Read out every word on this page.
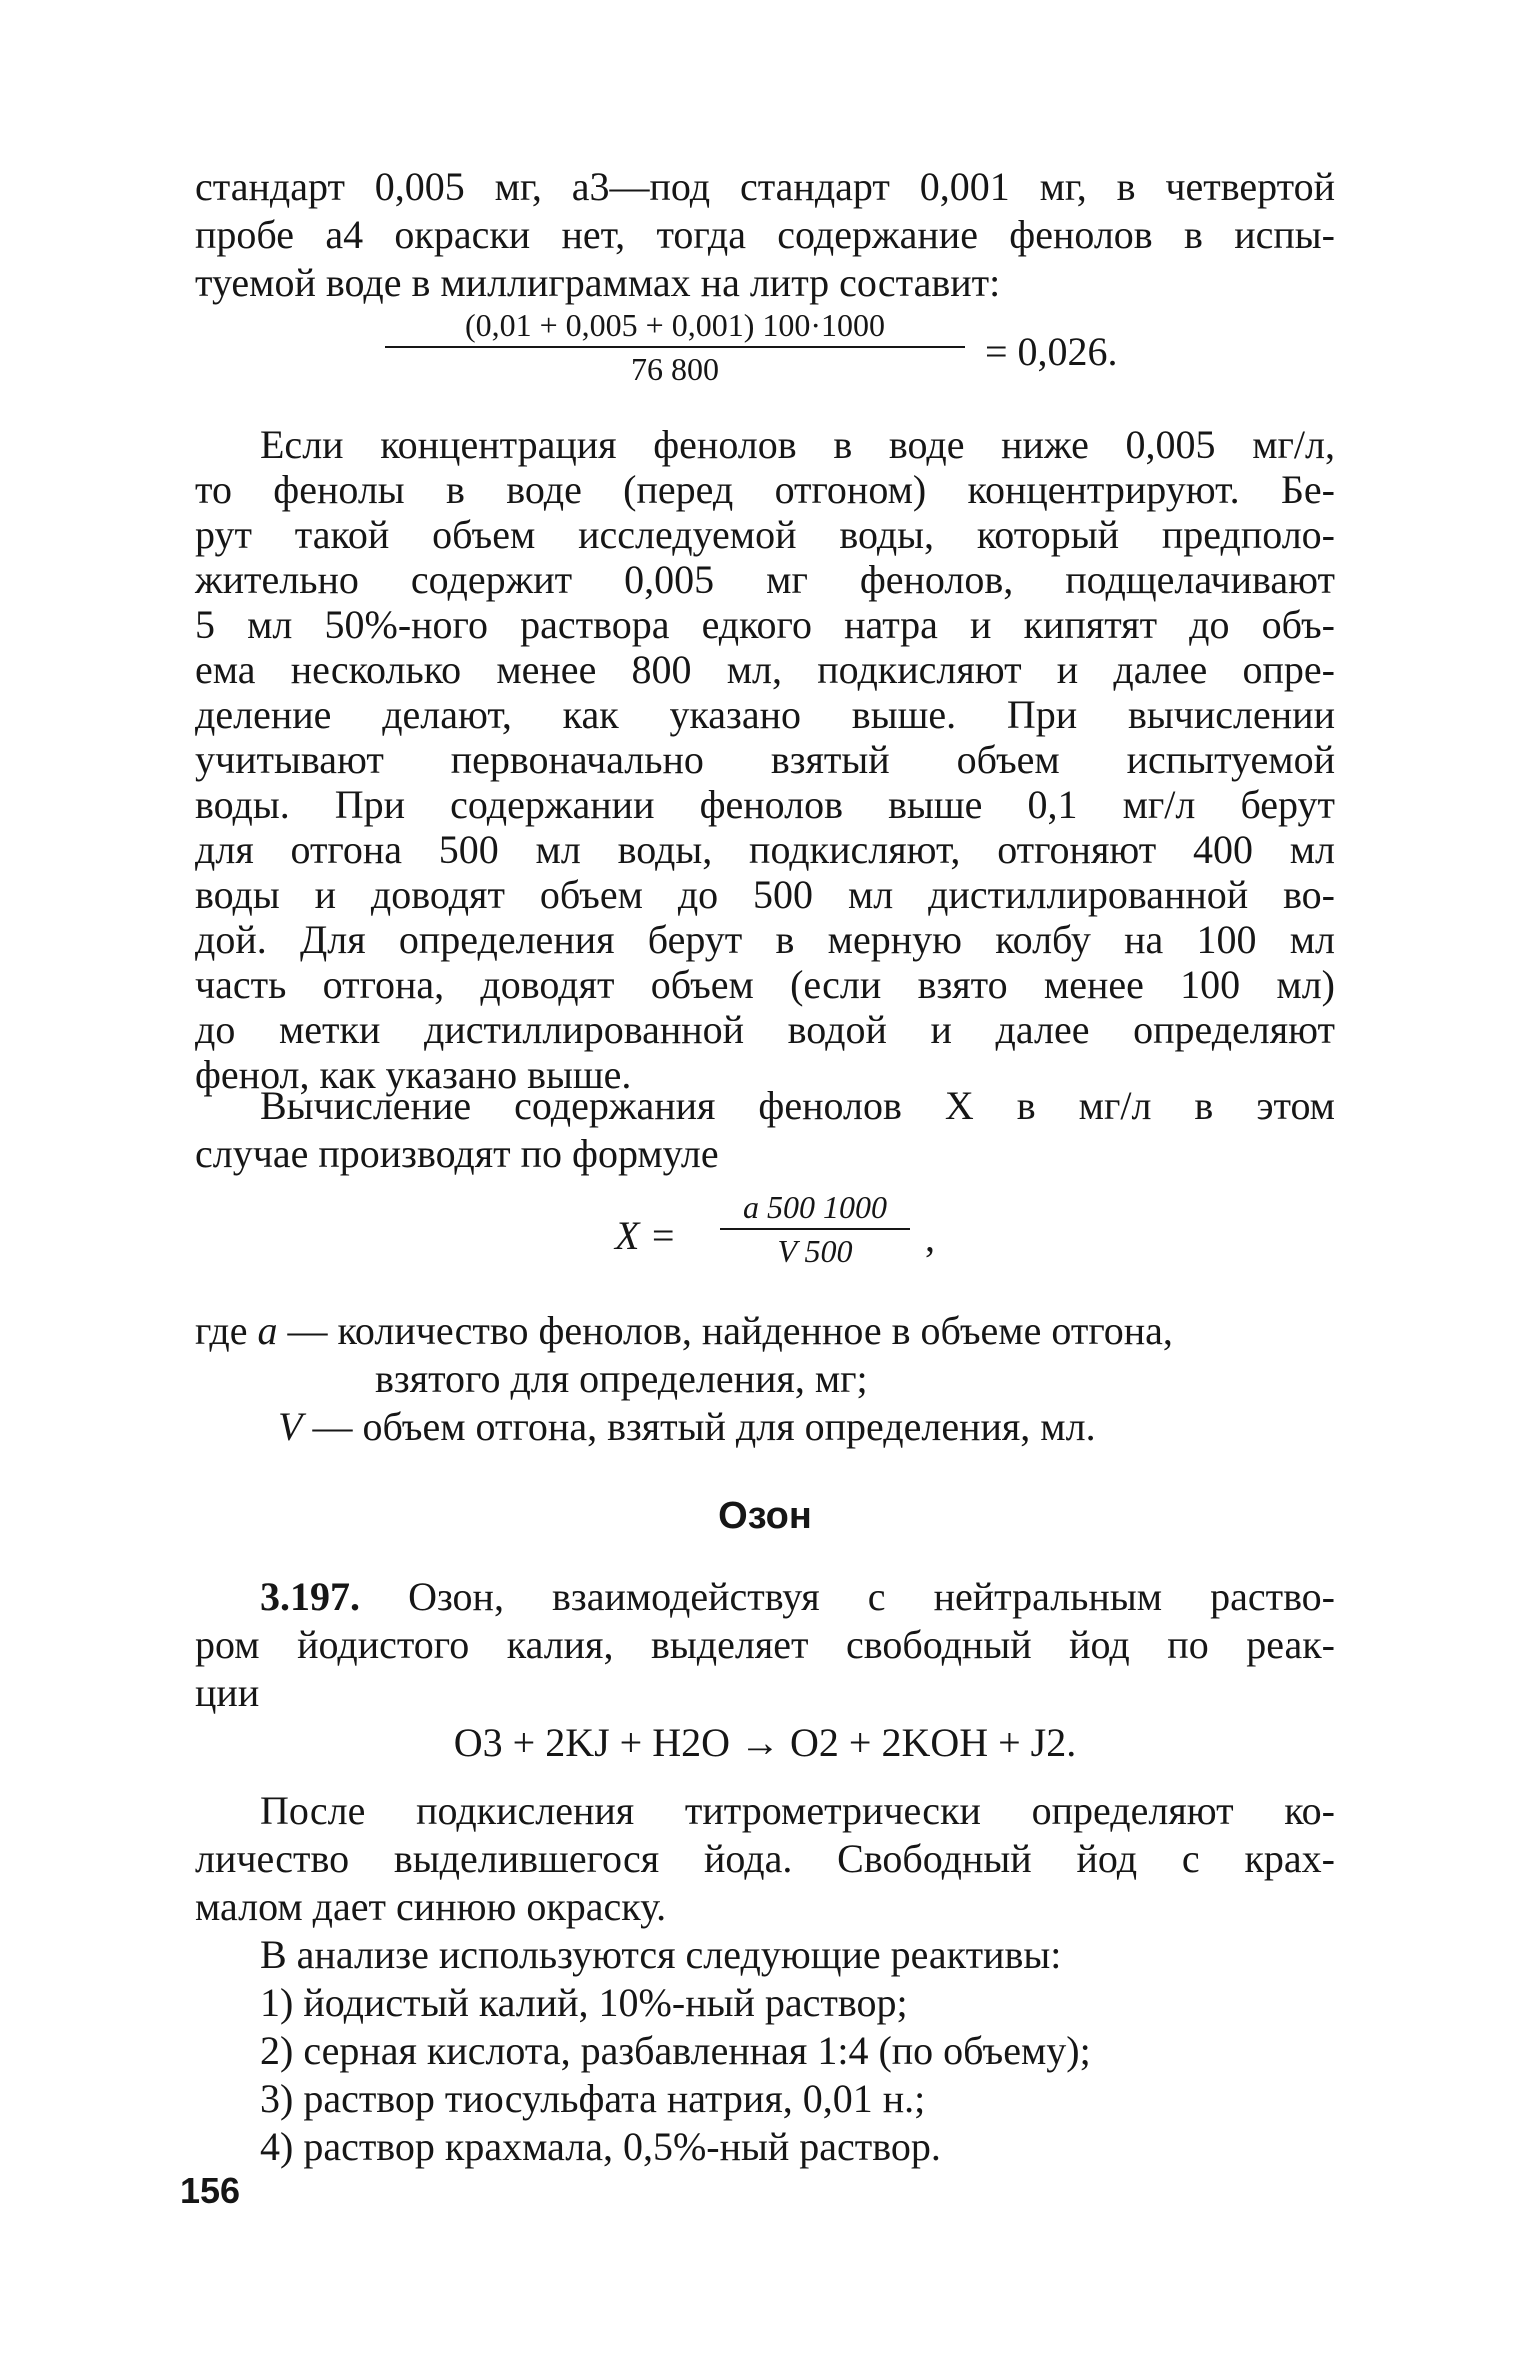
стандарт 0,005 мг, a3—под стандарт 0,001 мг, в четвертой
пробе a4 окраски нет, тогда содержание фенолов в испы-
туемой воде в миллиграммах на литр составит:
(0,01 + 0,005 + 0,001) 100·1000
76 800	= 0,026.
Если концентрация фенолов в воде ниже 0,005 мг/л,
то фенолы в воде (перед отгоном) концентрируют. Бе-
рут такой объем исследуемой воды, который предполо-
жительно содержит 0,005 мг фенолов, подщелачивают
5 мл 50%-ного раствора едкого натра и кипятят до объ-
ема несколько менее 800 мл, подкисляют и далее опре-
деление делают, как указано выше. При вычислении
учитывают первоначально взятый объем испытуемой
воды. При содержании фенолов выше 0,1 мг/л берут
для отгона 500 мл воды, подкисляют, отгоняют 400 мл
воды и доводят объем до 500 мл дистиллированной во-
дой. Для определения берут в мерную колбу на 100 мл
часть отгона, доводят объем (если взято менее 100 мл)
до метки дистиллированной водой и далее определяют
фенол, как указано выше.
Вычисление содержания фенолов X в мг/л в этом
случае производят по формуле
X =
a 500 1000
V 500	,
где a — количество фенолов, найденное в объеме отгона,
взятого для определения, мг;
V — объем отгона, взятый для определения, мл.
Озон
3.197. Озон, взаимодействуя с нейтральным раство-
ром йодистого калия, выделяет свободный йод по реак-
ции
O3 + 2KJ + H2O → O2 + 2KOH + J2.
После подкисления титрометрически определяют ко-
личество выделившегося йода. Свободный йод с крах-
малом дает синюю окраску.
В анализе используются следующие реактивы:
1) йодистый калий, 10%-ный раствор;
2) серная кислота, разбавленная 1:4 (по объему);
3) раствор тиосульфата натрия, 0,01 н.;
4) раствор крахмала, 0,5%-ный раствор.
156
